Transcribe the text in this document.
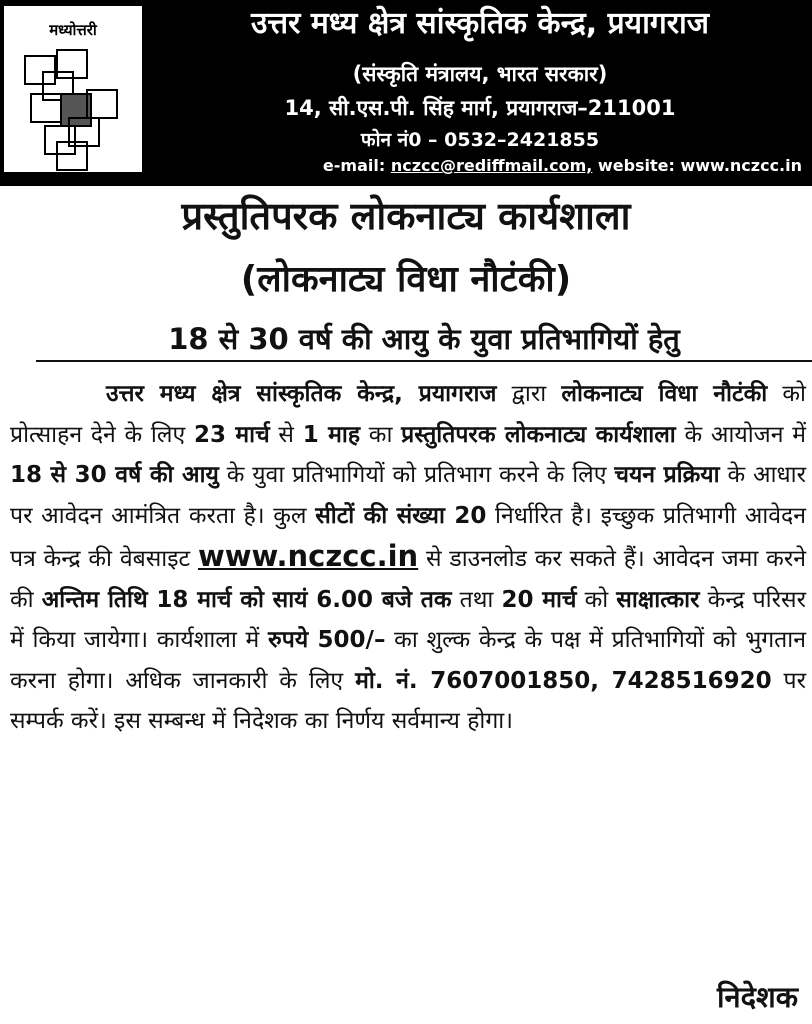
मध्योत्तरी	उत्तर मध्य क्षेत्र सांस्कृतिक केन्द्र, प्रयागराज
(संस्कृति मंत्रालय, भारत सरकार)
14, सी.एस.पी. सिंह मार्ग, प्रयागराज–211001
फोन नं0 – 0532–2421855
e-mail: nczcc@rediffmail.com, website: www.nczcc.in
प्रस्तुतिपरक लोकनाट्य कार्यशाला
(लोकनाट्य विधा नौटंकी)
18 से 30 वर्ष की आयु के युवा प्रतिभागियों हेतु

उत्तर मध्य क्षेत्र सांस्कृतिक केन्द्र, प्रयागराज द्वारा लोकनाट्य विधा नौटंकी को प्रोत्साहन देने के लिए 23 मार्च से 1 माह का प्रस्तुतिपरक लोकनाट्य कार्यशाला के आयोजन में 18 से 30 वर्ष की आयु के युवा प्रतिभागियों को प्रतिभाग करने के लिए चयन प्रक्रिया के आधार पर आवेदन आमंत्रित करता है। कुल सीटों की संख्या 20 निर्धारित है। इच्छुक प्रतिभागी आवेदन पत्र केन्द्र की वेबसाइट www.nczcc.in से डाउनलोड कर सकते हैं। आवेदन जमा करने की अन्तिम तिथि 18 मार्च को सायं 6.00 बजे तक तथा 20 मार्च को साक्षात्कार केन्द्र परिसर में किया जायेगा। कार्यशाला में रुपये 500/– का शुल्क केन्द्र के पक्ष में प्रतिभागियों को भुगतान करना होगा। अधिक जानकारी के लिए मो. नं. 7607001850, 7428516920 पर सम्पर्क करें। इस सम्बन्ध में निदेशक का निर्णय सर्वमान्य होगा।

निदेशक
